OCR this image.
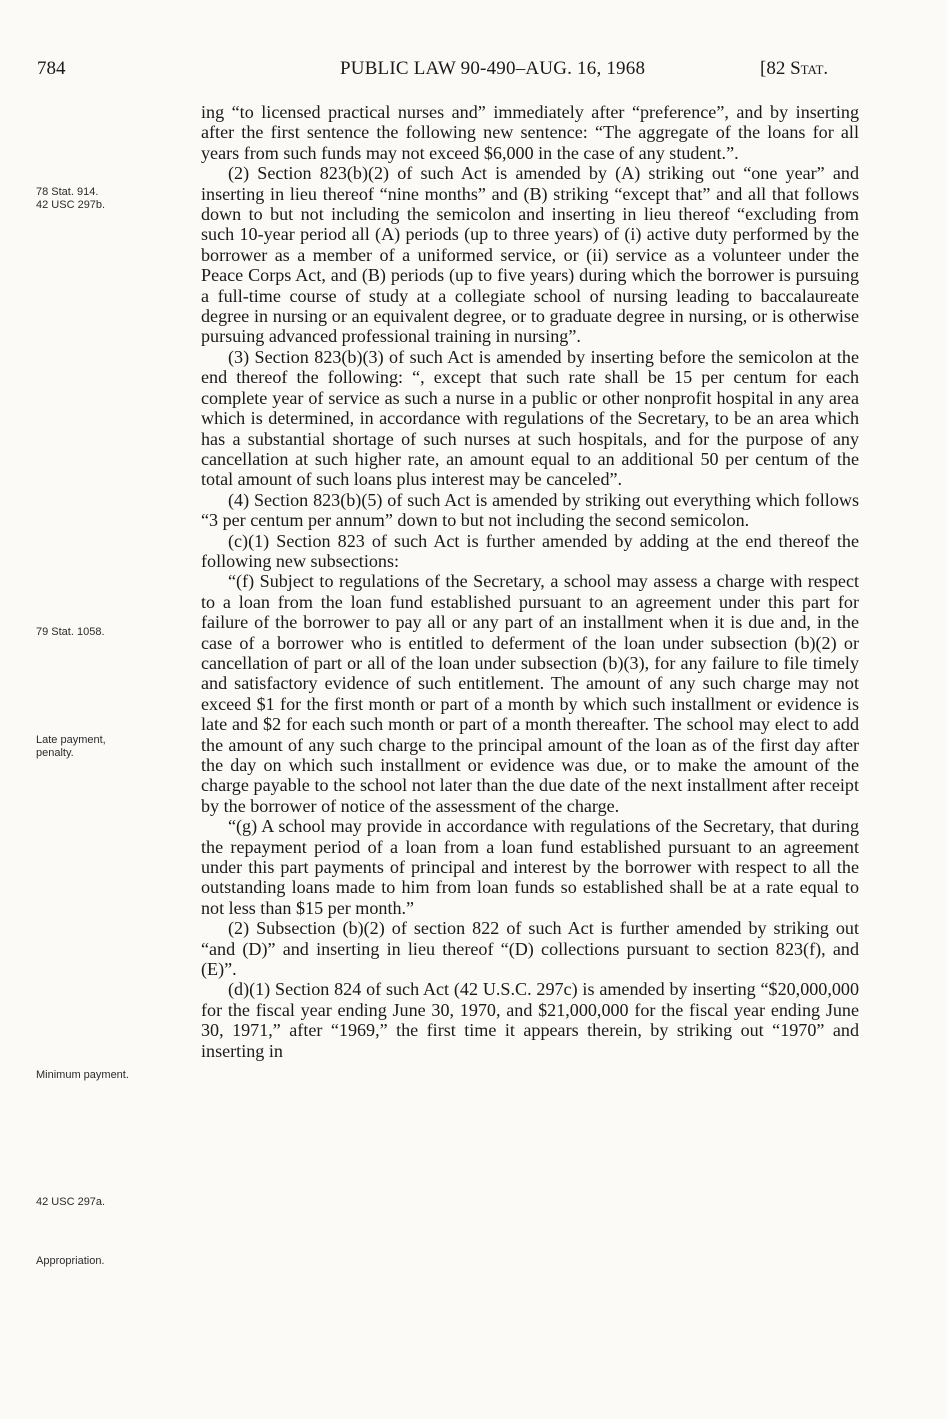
784	PUBLIC LAW 90-490–AUG. 16, 1968	[82 Stat.
78 Stat. 914.
42 USC 297b.
79 Stat. 1058.
Late payment, penalty.
Minimum payment.
42 USC 297a.
Appropriation.

ing “to licensed practical nurses and” immediately after “preference”, and by inserting after the first sentence the following new sentence: “The aggregate of the loans for all years from such funds may not exceed $6,000 in the case of any student.”.

(2) Section 823(b)(2) of such Act is amended by (A) striking out “one year” and inserting in lieu thereof “nine months” and (B) striking “except that” and all that follows down to but not including the semicolon and inserting in lieu thereof “excluding from such 10-year period all (A) periods (up to three years) of (i) active duty performed by the borrower as a member of a uniformed service, or (ii) service as a volunteer under the Peace Corps Act, and (B) periods (up to five years) during which the borrower is pursuing a full-time course of study at a collegiate school of nursing leading to baccalaureate degree in nursing or an equivalent degree, or to graduate degree in nursing, or is otherwise pursuing advanced professional training in nursing”.

(3) Section 823(b)(3) of such Act is amended by inserting before the semicolon at the end thereof the following: “, except that such rate shall be 15 per centum for each complete year of service as such a nurse in a public or other nonprofit hospital in any area which is determined, in accordance with regulations of the Secretary, to be an area which has a substantial shortage of such nurses at such hospitals, and for the purpose of any cancellation at such higher rate, an amount equal to an additional 50 per centum of the total amount of such loans plus interest may be canceled”.

(4) Section 823(b)(5) of such Act is amended by striking out everything which follows “3 per centum per annum” down to but not including the second semicolon.

(c)(1) Section 823 of such Act is further amended by adding at the end thereof the following new subsections:

“(f) Subject to regulations of the Secretary, a school may assess a charge with respect to a loan from the loan fund established pursuant to an agreement under this part for failure of the borrower to pay all or any part of an installment when it is due and, in the case of a borrower who is entitled to deferment of the loan under subsection (b)(2) or cancellation of part or all of the loan under subsection (b)(3), for any failure to file timely and satisfactory evidence of such entitlement. The amount of any such charge may not exceed $1 for the first month or part of a month by which such installment or evidence is late and $2 for each such month or part of a month thereafter. The school may elect to add the amount of any such charge to the principal amount of the loan as of the first day after the day on which such installment or evidence was due, or to make the amount of the charge payable to the school not later than the due date of the next installment after receipt by the borrower of notice of the assessment of the charge.

“(g) A school may provide in accordance with regulations of the Secretary, that during the repayment period of a loan from a loan fund established pursuant to an agreement under this part payments of principal and interest by the borrower with respect to all the outstanding loans made to him from loan funds so established shall be at a rate equal to not less than $15 per month.”

(2) Subsection (b)(2) of section 822 of such Act is further amended by striking out “and (D)” and inserting in lieu thereof “(D) collections pursuant to section 823(f), and (E)”.

(d)(1) Section 824 of such Act (42 U.S.C. 297c) is amended by inserting “$20,000,000 for the fiscal year ending June 30, 1970, and $21,000,000 for the fiscal year ending June 30, 1971,” after “1969,” the first time it appears therein, by striking out “1970” and inserting in
